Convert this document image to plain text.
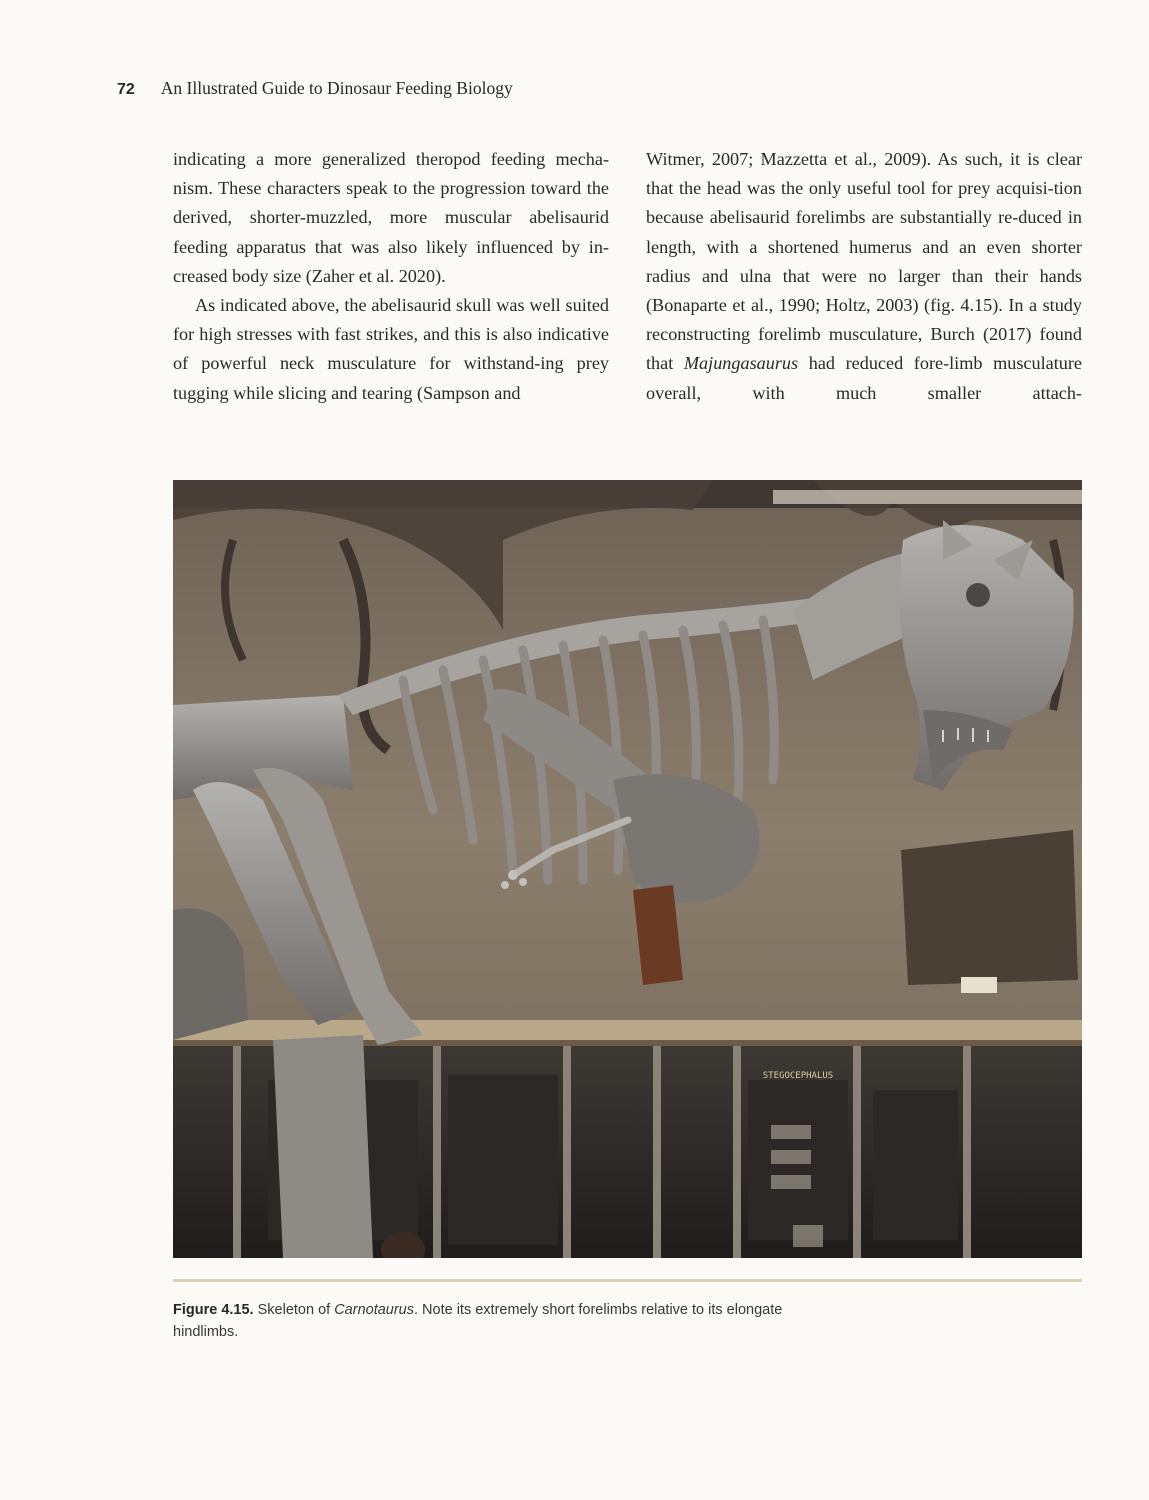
72 An Illustrated Guide to Dinosaur Feeding Biology

indicating a more generalized theropod feeding mecha-nism. These characters speak to the progression toward the derived, shorter-muzzled, more muscular abelisaurid feeding apparatus that was also likely influenced by in-creased body size (Zaher et al. 2020).

As indicated above, the abelisaurid skull was well suited for high stresses with fast strikes, and this is also indicative of powerful neck musculature for withstand-ing prey tugging while slicing and tearing (Sampson and

Witmer, 2007; Mazzetta et al., 2009). As such, it is clear that the head was the only useful tool for prey acquisi-tion because abelisaurid forelimbs are substantially re-duced in length, with a shortened humerus and an even shorter radius and ulna that were no larger than their hands (Bonaparte et al., 1990; Holtz, 2003) (fig. 4.15). In a study reconstructing forelimb musculature, Burch (2017) found that Majungasaurus had reduced fore-limb musculature overall, with much smaller attach-

STEGOCEPHALUS
Figure 4.15. Skeleton of Carnotaurus. Note its extremely short forelimbs relative to its elongate hindlimbs.
